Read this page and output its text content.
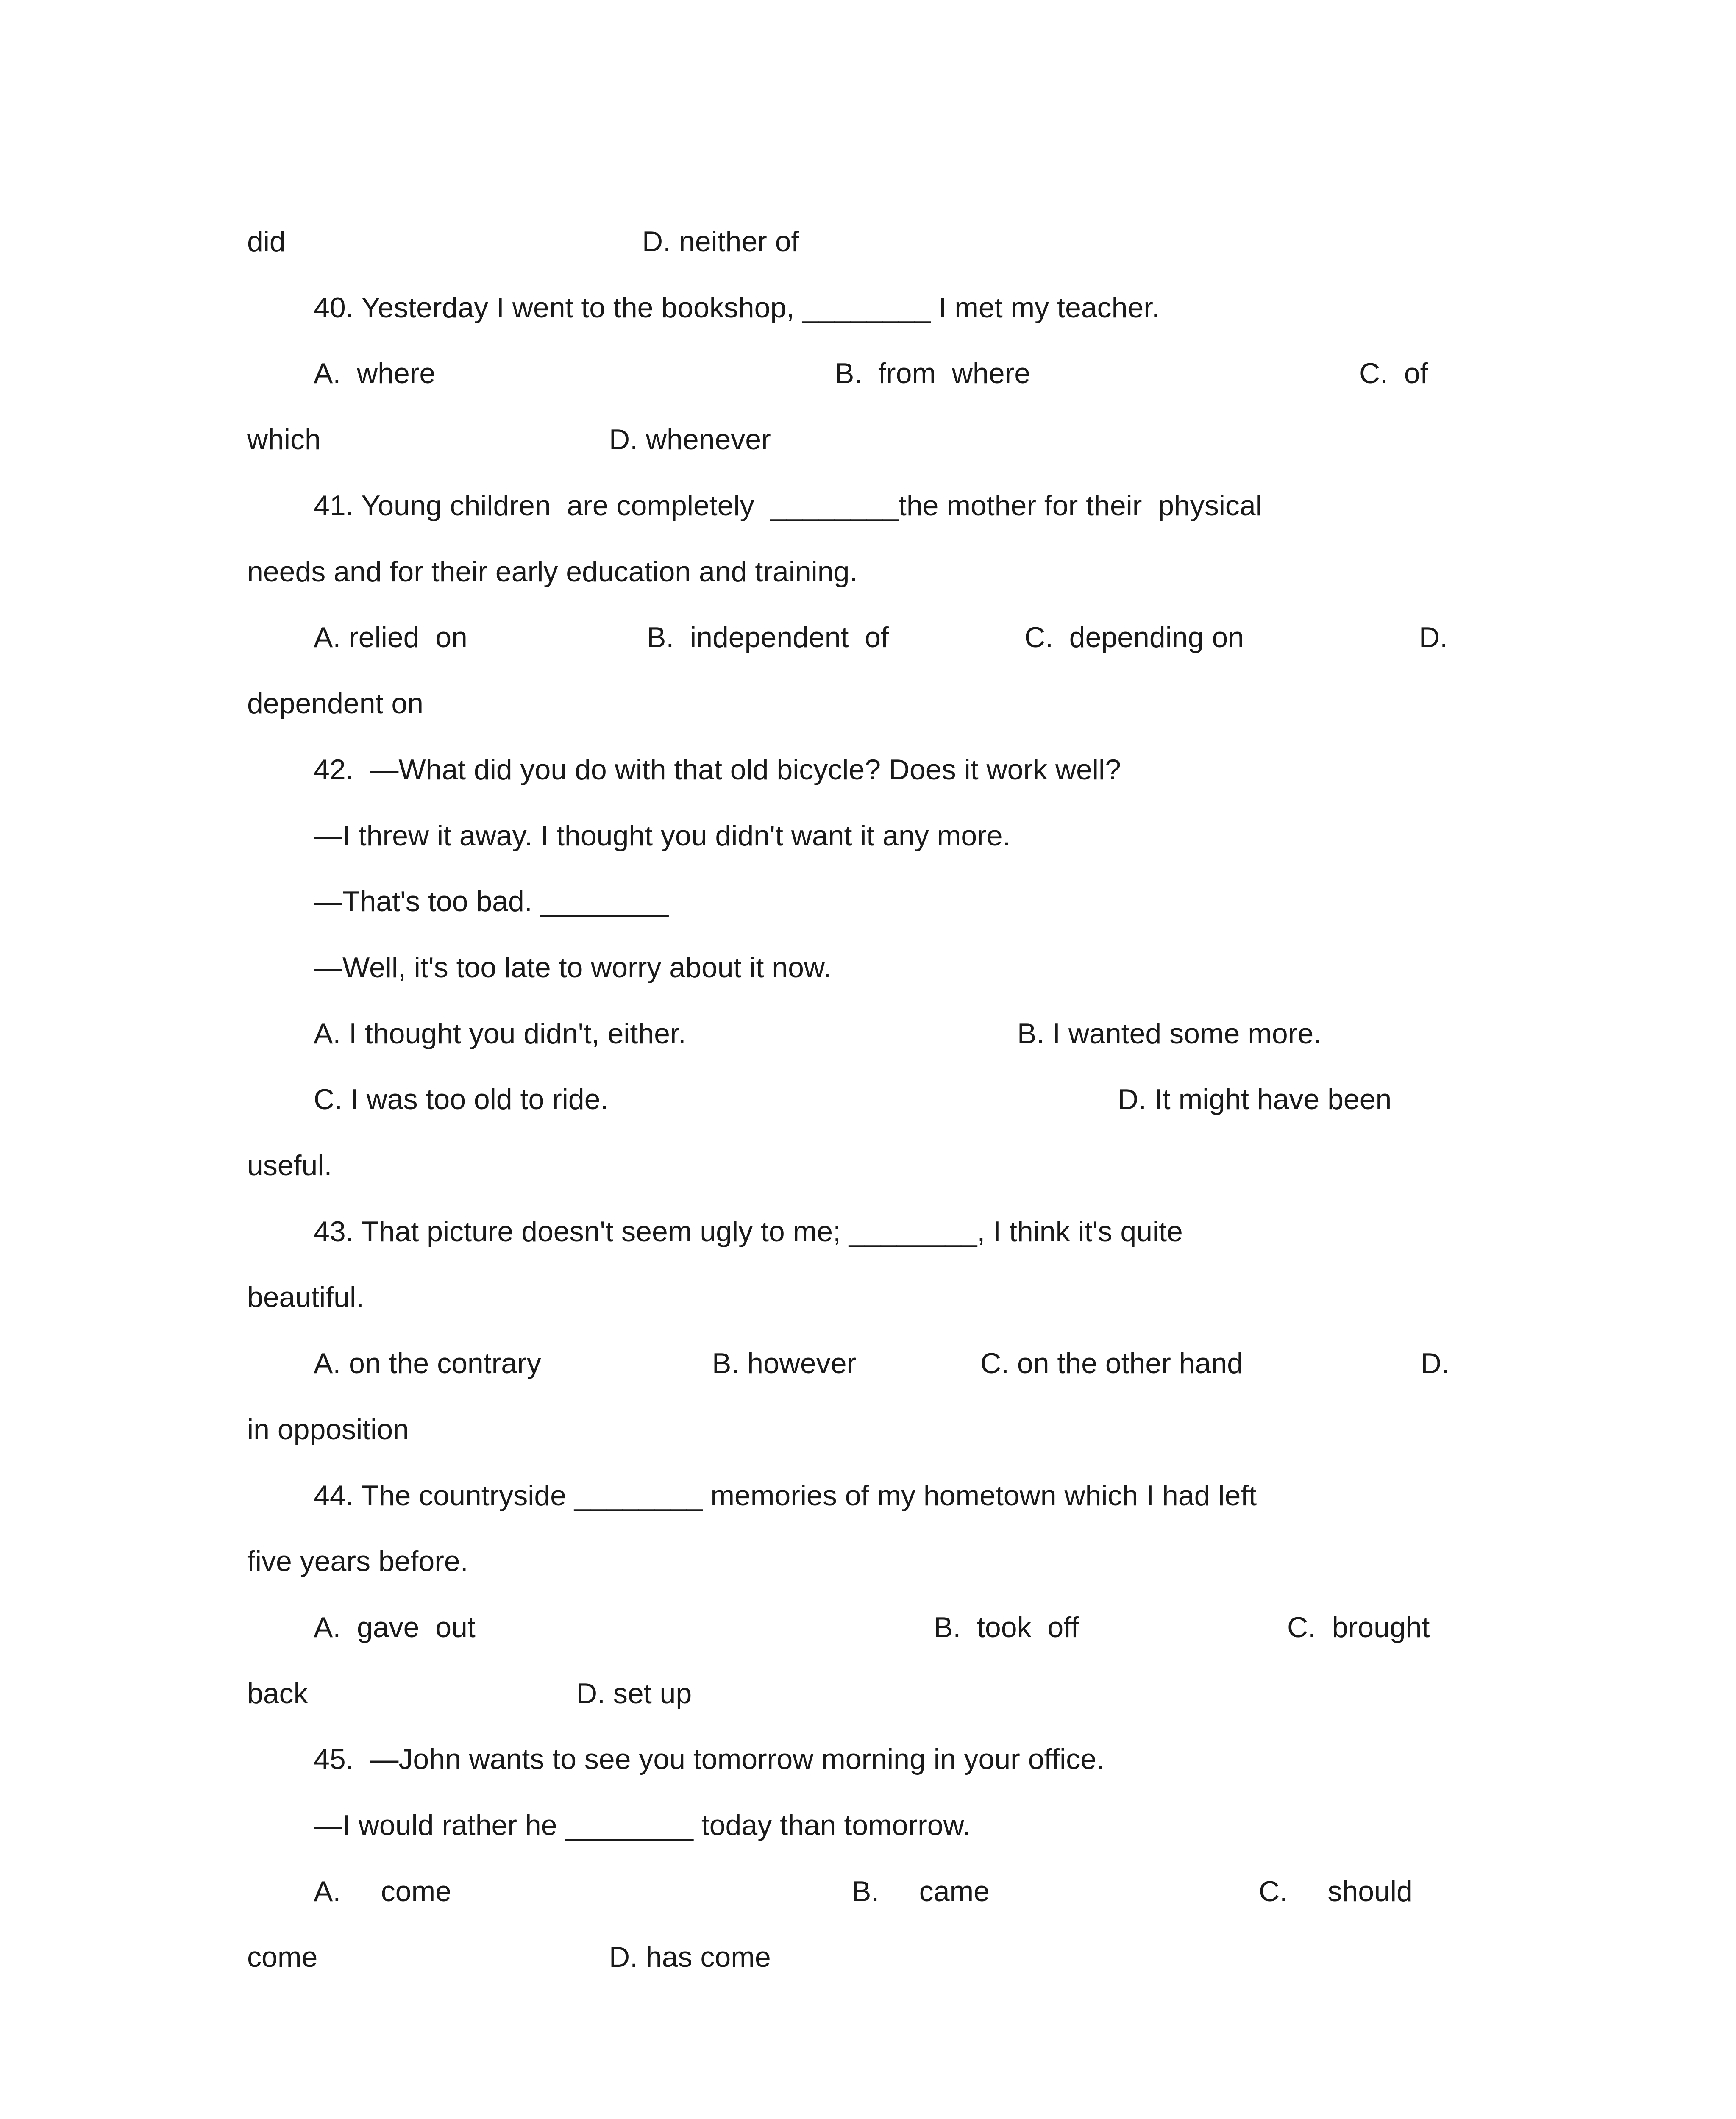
did	D. neither of
40. Yesterday I went to the bookshop, ________ I met my teacher.
A.  where	B.  from  where	C.  of
which	D. whenever
41. Young children  are completely  ________the mother for their  physical
needs and for their early education and training.
A. relied  on	B.  independent  of	C.  depending on	D.
dependent on
42.  —What did you do with that old bicycle? Does it work well?
—I threw it away. I thought you didn't want it any more.
—That's too bad. ________
—Well, it's too late to worry about it now.
A. I thought you didn't, either.	B. I wanted some more.
C. I was too old to ride.	D. It might have been
useful.
43. That picture doesn't seem ugly to me; ________, I think it's quite
beautiful.
A. on the contrary	B. however	C. on the other hand	D.
in opposition
44. The countryside ________ memories of my hometown which I had left
five years before.
A.  gave  out	B.  took  off	C.  brought
back	D. set up
45.  —John wants to see you tomorrow morning in your office.
—I would rather he ________ today than tomorrow.
A.     come	B.     came	C.     should
come	D. has come
